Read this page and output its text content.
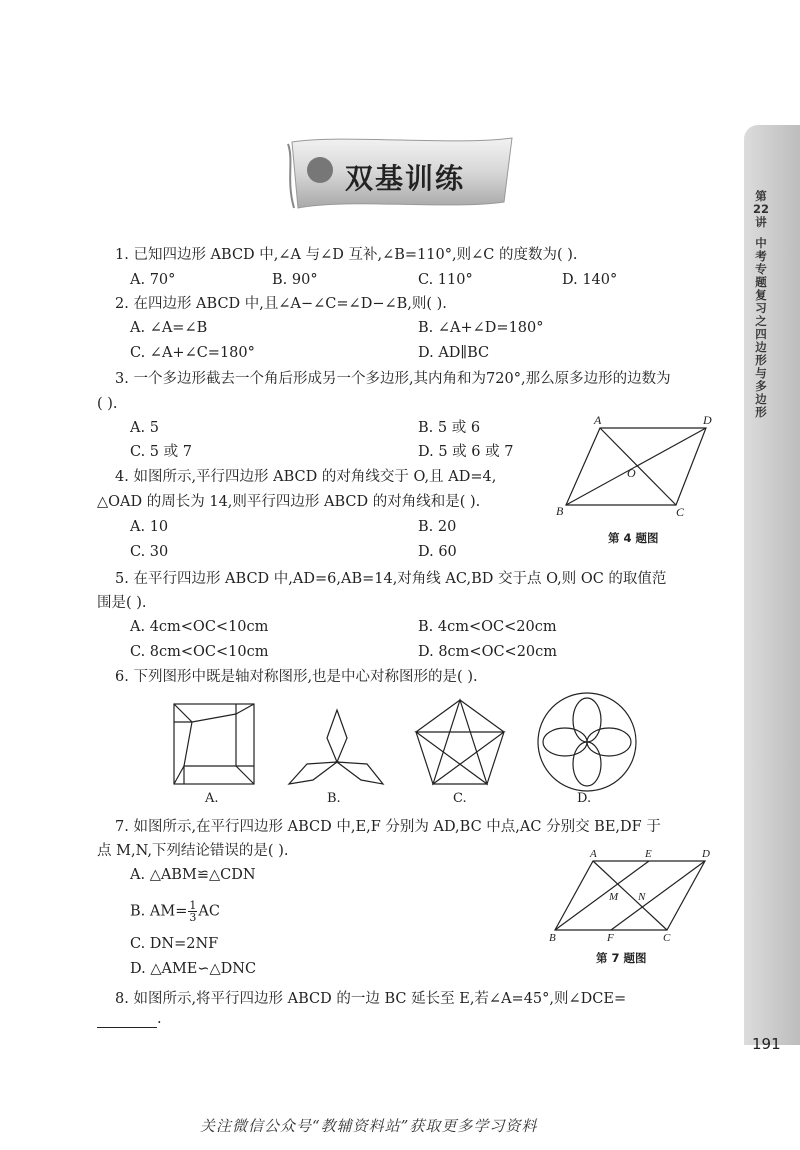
第22讲
中考专题复习之四边形与多边形
191
双基训练
1. 已知四边形 ABCD 中,∠A 与∠D 互补,∠B=110°,则∠C 的度数为( ).
A. 70°	B. 90°	C. 110°	D. 140°
2. 在四边形 ABCD 中,且∠A−∠C=∠D−∠B,则( ).
A. ∠A=∠B	B. ∠A+∠D=180°
C. ∠A+∠C=180°	D. AD∥BC
3. 一个多边形截去一个角后形成另一个多边形,其内角和为720°,那么原多边形的边数为
( ).
A. 5	B. 5 或 6
C. 5 或 7	D. 5 或 6 或 7
4. 如图所示,平行四边形 ABCD 的对角线交于 O,且 AD=4,
△OAD 的周长为 14,则平行四边形 ABCD 的对角线和是( ).
A. 10	B. 20
C. 30	D. 60
A	D
O
B	C
第 4 题图
5. 在平行四边形 ABCD 中,AD=6,AB=14,对角线 AC,BD 交于点 O,则 OC 的取值范
围是( ).
A. 4cm<OC<10cm	B. 4cm<OC<20cm
C. 8cm<OC<10cm	D. 8cm<OC<20cm
6. 下列图形中既是轴对称图形,也是中心对称图形的是( ).
A.	B.	C.	D.
7. 如图所示,在平行四边形 ABCD 中,E,F 分别为 AD,BC 中点,AC 分别交 BE,DF 于
点 M,N,下列结论错误的是( ).
A. △ABM≌△CDN
B. $AM= \frac{1}{3}$ AC
C. DN=2NF
D. △AME∽△DNC
A	E	D
M N
B	F	C
第 7 题图
8. 如图所示,将平行四边形 ABCD 的一边 BC 延长至 E,若∠A=45°,则∠DCE=
.
关注微信公众号“教辅资料站”获取更多学习资料
